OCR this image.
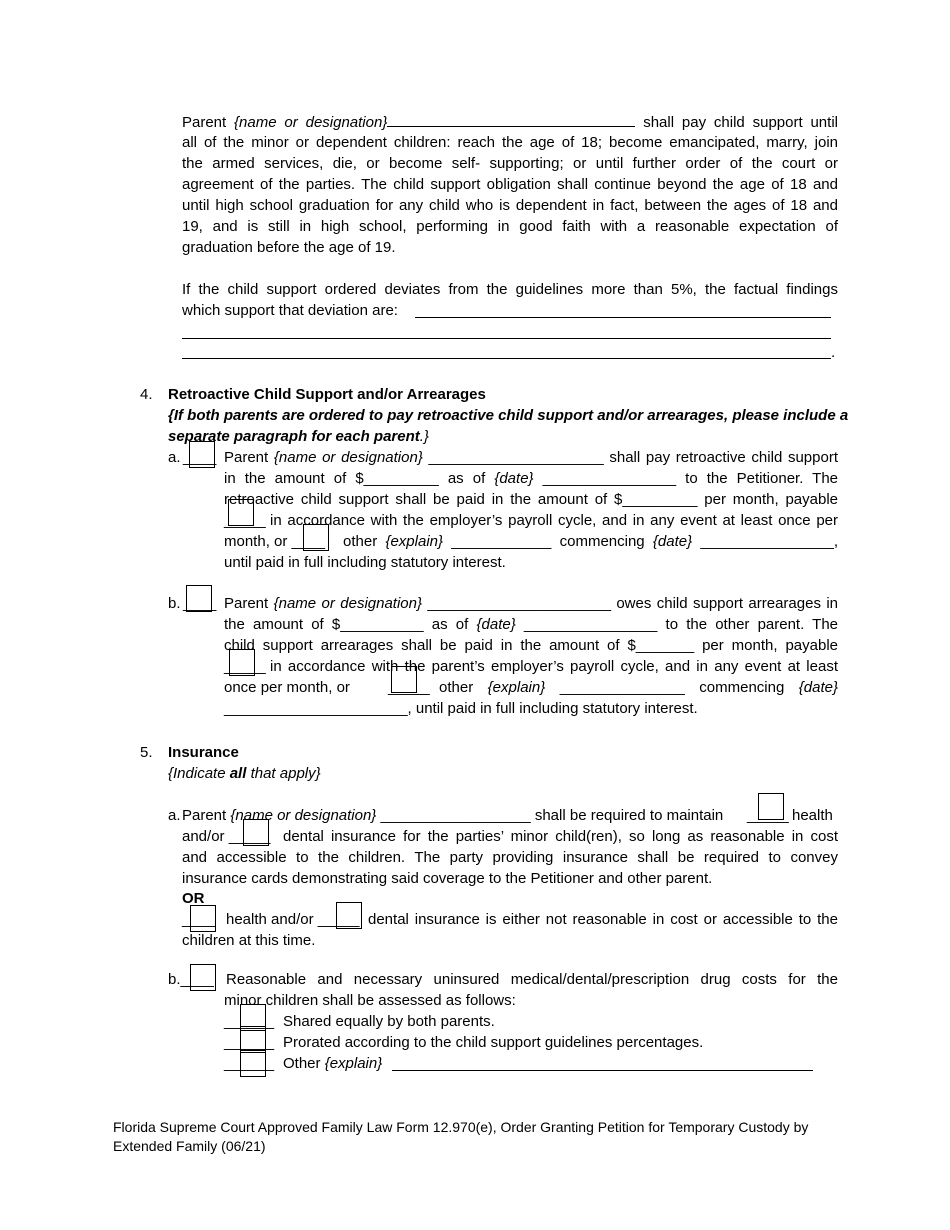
Parent {name or designation}	shall pay child support until
all of the minor or dependent children: reach the age of 18; become emancipated, marry, join
the armed services, die, or become self- supporting; or until further order of the court or
agreement of the parties. The child support obligation shall continue beyond the age of 18 and
until high school graduation for any child who is dependent in fact, between the ages of 18 and
19, and is still in high school, performing in good faith with a reasonable expectation of
graduation before the age of 19.
If the child support ordered deviates from the guidelines more than 5%, the factual findings
which support that deviation are:
.
4. Retroactive Child Support and/or Arrearages
{If both parents are ordered to pay retroactive child support and/or arrearages, please include a
separate paragraph for each parent.}
a. ____ Parent {name or designation} _____________________ shall pay retroactive child support
in the amount of $_________ as of {date} ________________ to the Petitioner. The
retroactive child support shall be paid in the amount of $_________ per month, payable
_____ in accordance with the employer’s payroll cycle, and in any event at least once per
month, or ____ other {explain} ____________ commencing {date} ________________,
until paid in full including statutory interest.
b. ____ Parent {name or designation} ______________________ owes child support arrearages in
the amount of $__________ as of {date} ________________ to the other parent. The
child support arrearages shall be paid in the amount of $_______ per month, payable
_____ in accordance with the parent’s employer’s payroll cycle, and in any event at least
once per month, or	_____ other {explain} _______________ commencing {date}
______________________, until paid in full including statutory interest.
5. Insurance
{Indicate all that apply}
a. Parent {name or designation} __________________ shall be required to maintain	_____ health
and/or _____ dental insurance for the parties’ minor child(ren), so long as reasonable in cost
and accessible to the children. The party providing insurance shall be required to convey
insurance cards demonstrating said coverage to the Petitioner and other parent.
OR
____ health and/or _____ dental insurance is either not reasonable in cost or accessible to the
children at this time.
b.____ Reasonable and necessary uninsured medical/dental/prescription drug costs for the
minor children shall be assessed as follows:
______ Shared equally by both parents.
______ Prorated according to the child support guidelines percentages.
______ Other {explain}
Florida Supreme Court Approved Family Law Form 12.970(e), Order Granting Petition for Temporary Custody by
Extended Family (06/21)
